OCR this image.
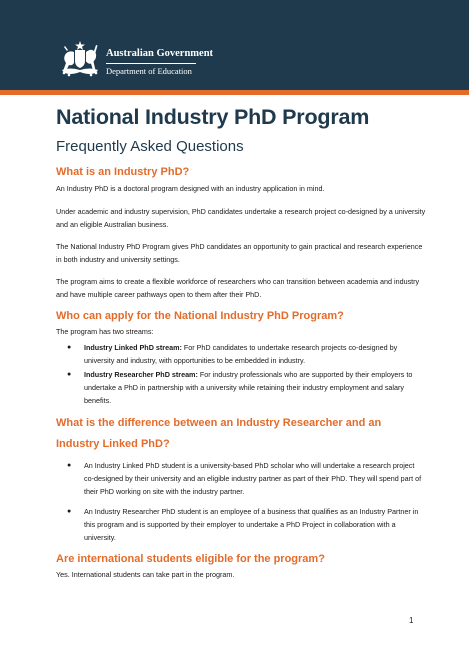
Australian Government
Department of Education
National Industry PhD Program
Frequently Asked Questions
What is an Industry PhD?

An Industry PhD is a doctoral program designed with an industry application in mind.

Under academic and industry supervision, PhD candidates undertake a research project co-designed by a university and an eligible Australian business.

The National Industry PhD Program gives PhD candidates an opportunity to gain practical and research experience in both industry and university settings.

The program aims to create a flexible workforce of researchers who can transition between academia and industry and have multiple career pathways open to them after their PhD.

Who can apply for the National Industry PhD Program?

The program has two streams:

● Industry Linked PhD stream: For PhD candidates to undertake research projects co-designed by university and industry, with opportunities to be embedded in industry.
● Industry Researcher PhD stream: For industry professionals who are supported by their employers to undertake a PhD in partnership with a university while retaining their industry employment and salary benefits.
What is the difference between an Industry Researcher and an Industry Linked PhD?
● An Industry Linked PhD student is a university-based PhD scholar who will undertake a research project co-designed by their university and an eligible industry partner as part of their PhD. They will spend part of their PhD working on site with the industry partner.
● An Industry Researcher PhD student is an employee of a business that qualifies as an Industry Partner in this program and is supported by their employer to undertake a PhD Project in collaboration with a university.
Are international students eligible for the program?

Yes. International students can take part in the program.

1
